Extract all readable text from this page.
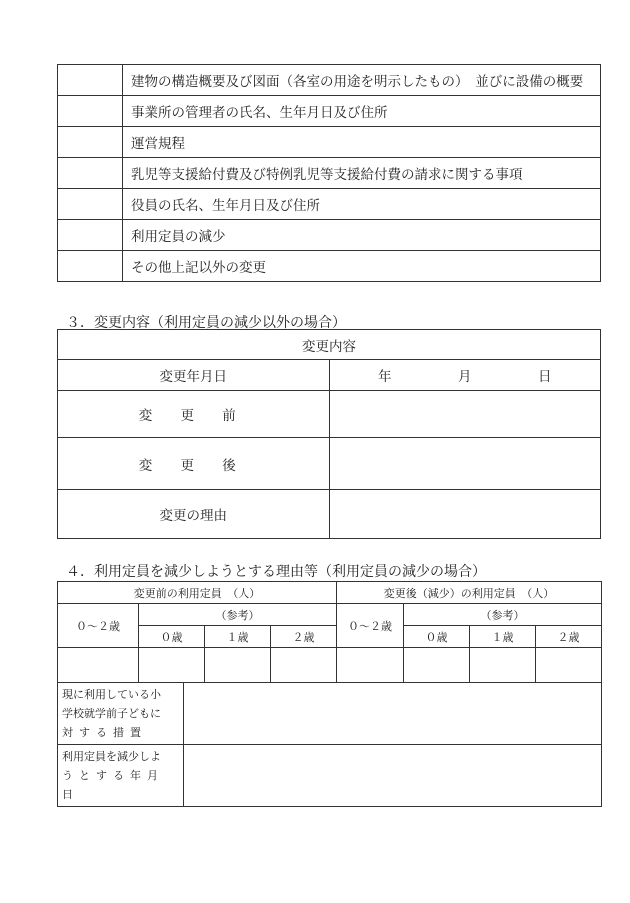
	建物の構造概要及び図面（各室の用途を明示したもの）　並びに設備の概要
	事業所の管理者の氏名、生年月日及び住所
	運営規程
	乳児等支援給付費及び特例乳児等支援給付費の請求に関する事項
	役員の氏名、生年月日及び住所
	利用定員の減少
	その他上記以外の変更
３．変更内容（利用定員の減少以外の場合）
変更内容	
変更年月日	年 月 日

変 更 前	
変 更 後	
変更の理由	
４．利用定員を減少しようとする理由等（利用定員の減少の場合）
変更前の利用定員　（人）					変更後（減少）の利用定員　（人）			
０～２歳	（参考）				０～２歳	（参考）		
	０歳		１歳	２歳		０歳	１歳	２歳

現に利用している小
学校就学前子どもに
対する措置								

利用定員を減少しよ
うとする年月日								
